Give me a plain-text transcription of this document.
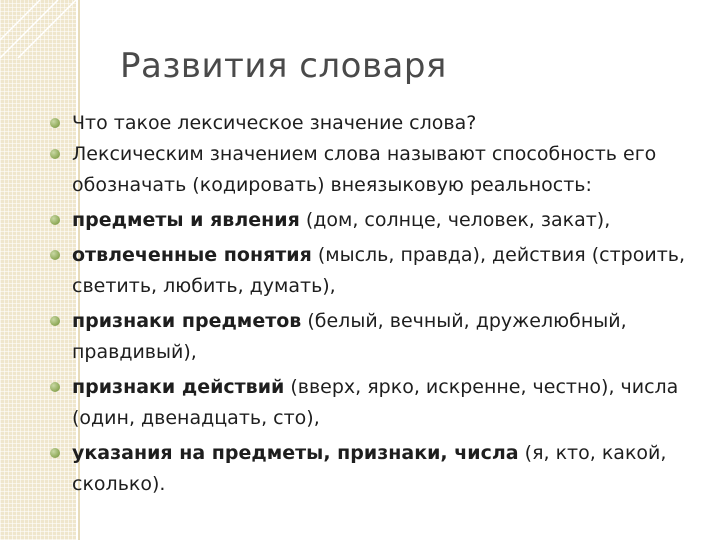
Развития словаря
Что такое лексическое значение слова?
Лексическим значением слова называют способность его обозначать (кодировать) внеязыковую реальность:
предметы и явления (дом, солнце, человек, закат),
отвлеченные понятия (мысль, правда), действия (строить, светить, любить, думать),
признаки предметов (белый, вечный, дружелюбный, правдивый),
признаки действий (вверх, ярко, искренне, честно), числа (один, двенадцать, сто),
указания на предметы, признаки, числа (я, кто, какой, сколько).
